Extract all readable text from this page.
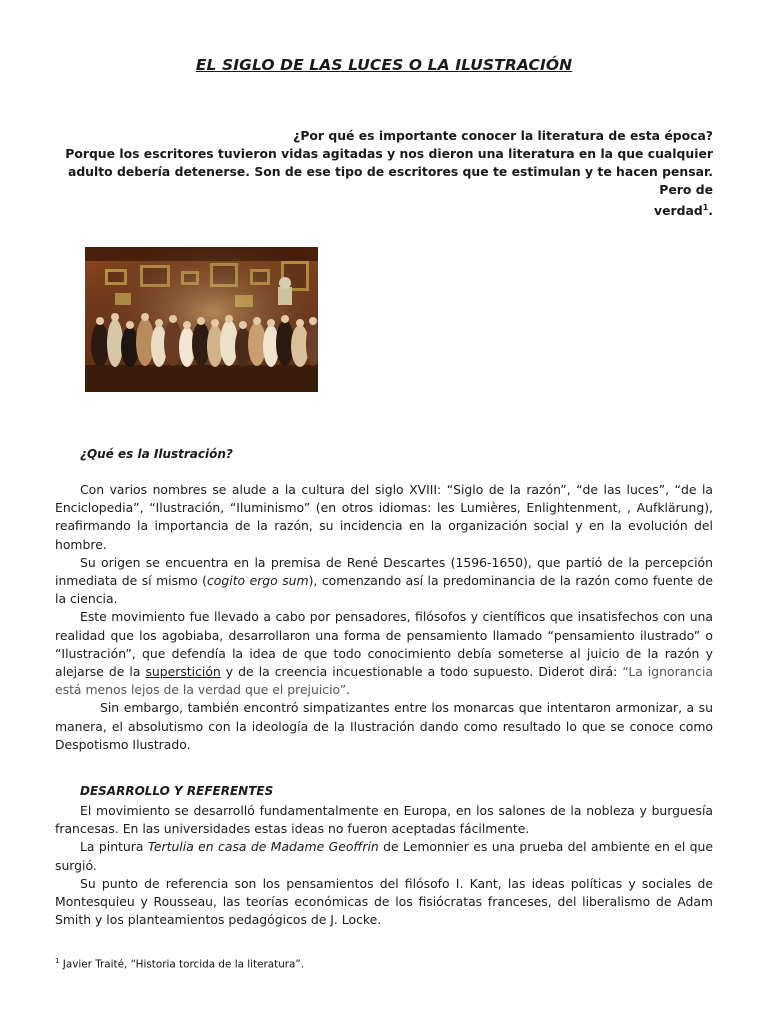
EL SIGLO DE LAS LUCES O LA ILUSTRACIÓN
¿Por qué es importante conocer la literatura de esta época?
Porque los escritores tuvieron vidas agitadas y nos dieron una literatura en la que cualquier
adulto debería detenerse. Son de ese tipo de escritores que te estimulan y te hacen pensar. Pero de
verdad$^1$.
¿Qué es la Ilustración?

Con varios nombres se alude a la cultura del siglo XVIII: “Siglo de la razón”, “de las luces”, “de la Enciclopedia”, “Ilustración, “Iluminismo” (en otros idiomas: les Lumières, Enlightenment, , Aufklärung), reafirmando la importancia de la razón, su incidencia en la organización social y en la evolución del hombre.

Su origen se encuentra en la premisa de René Descartes (1596-1650), que partió de la percepción inmediata de sí mismo (cogito ergo sum), comenzando así la predominancia de la razón como fuente de la ciencia.

Este movimiento fue llevado a cabo por pensadores, filósofos y científicos que insatisfechos con una realidad que los agobiaba, desarrollaron una forma de pensamiento llamado “pensamiento ilustrado” o “Ilustración”, que defendía la idea de que todo conocimiento debía someterse al juicio de la razón y alejarse de la superstición y de la creencia incuestionable a todo supuesto. Diderot dirá: “La ignorancia está menos lejos de la verdad que el prejuicio”.

Sin embargo, también encontró simpatizantes entre los monarcas que intentaron armonizar, a su manera, el absolutismo con la ideología de la Ilustración dando como resultado lo que se conoce como Despotismo Ilustrado.

DESARROLLO Y REFERENTES

El movimiento se desarrolló fundamentalmente en Europa, en los salones de la nobleza y burguesía francesas. En las universidades estas ideas no fueron aceptadas fácilmente.

La pintura Tertulia en casa de Madame Geoffrin de Lemonnier es una prueba del ambiente en el que surgió.

Su punto de referencia son los pensamientos del filósofo I. Kant, las ideas políticas y sociales de Montesquieu y Rousseau, las teorías económicas de los fisiócratas franceses, del liberalismo de Adam Smith y los planteamientos pedagógicos de J. Locke.

$^1$ Javier Traité, “Historia torcida de la literatura”.
